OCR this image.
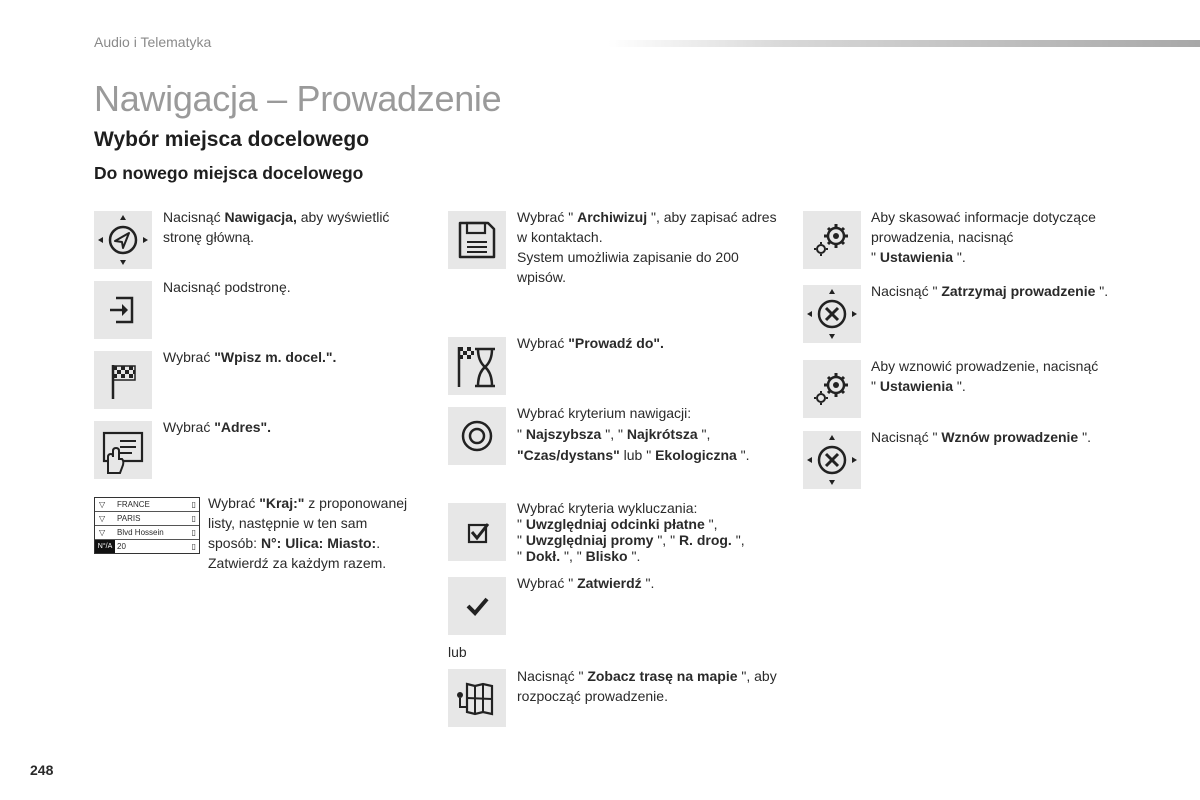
Audio i Telematyka
Nawigacja – Prowadzenie
Wybór miejsca docelowego
Do nowego miejsca docelowego
Nacisnąć Nawigacja, aby wyświetlić stronę główną.
Nacisnąć podstronę.
Wybrać "Wpisz m. docel.".
Wybrać "Adres".
▽ FRANCE	▯
▽ PARIS	▯
▽ Blvd Hossein	▯
N°/A 20	▯
Wybrać "Kraj:" z proponowanej listy, następnie w ten sam sposób: N°: Ulica: Miasto:.
Zatwierdź za każdym razem.
Wybrać " Archiwizuj ", aby zapisać adres w kontaktach.
System umożliwia zapisanie do 200 wpisów.
Wybrać "Prowadź do".
Wybrać kryterium nawigacji:
" Najszybsza ", " Najkrótsza ",
"Czas/dystans" lub " Ekologiczna ".
Wybrać kryteria wykluczania:
" Uwzględniaj odcinki płatne ",
" Uwzględniaj promy ", " R. drog. ",
" Dokł. ", " Blisko ".
Wybrać " Zatwierdź ".
lub
Nacisnąć " Zobacz trasę na mapie ", aby rozpocząć prowadzenie.
Aby skasować informacje dotyczące prowadzenia, nacisnąć
" Ustawienia ".
Nacisnąć " Zatrzymaj prowadzenie ".
Aby wznowić prowadzenie, nacisnąć
" Ustawienia ".
Nacisnąć " Wznów prowadzenie ".
248
